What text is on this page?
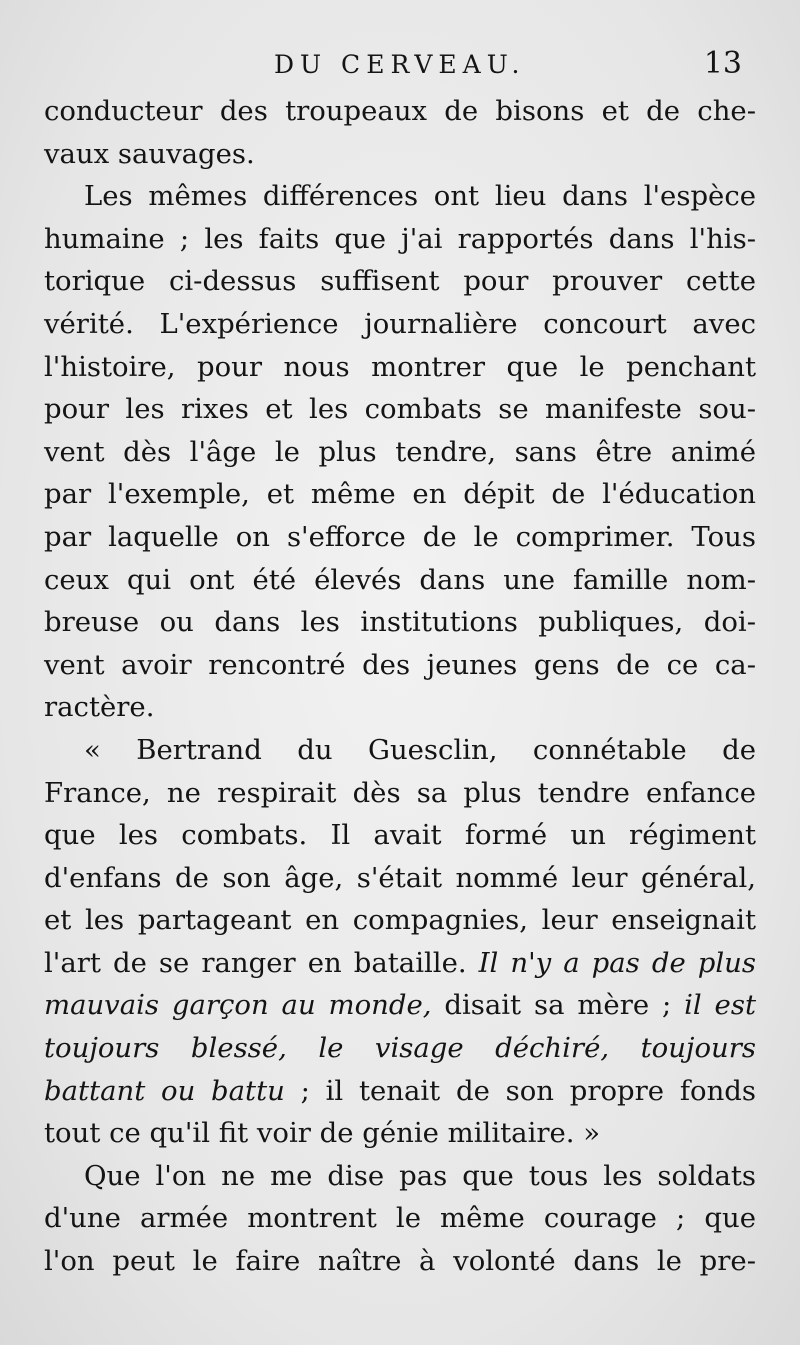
DU CERVEAU.	13
conducteur des troupeaux de bisons et de che-
vaux sauvages.
Les mêmes différences ont lieu dans l'espèce
humaine ; les faits que j'ai rapportés dans l'his-
torique ci-dessus suffisent pour prouver cette
vérité. L'expérience journalière concourt avec
l'histoire, pour nous montrer que le penchant
pour les rixes et les combats se manifeste sou-
vent dès l'âge le plus tendre, sans être animé
par l'exemple, et même en dépit de l'éducation
par laquelle on s'efforce de le comprimer. Tous
ceux qui ont été élevés dans une famille nom-
breuse ou dans les institutions publiques, doi-
vent avoir rencontré des jeunes gens de ce ca-
ractère.
« Bertrand du Guesclin, connétable de
France, ne respirait dès sa plus tendre enfance
que les combats. Il avait formé un régiment
d'enfans de son âge, s'était nommé leur général,
et les partageant en compagnies, leur enseignait
l'art de se ranger en bataille. Il n'y a pas de plus
mauvais garçon au monde, disait sa mère ; il est
toujours blessé, le visage déchiré, toujours
battant ou battu ; il tenait de son propre fonds
tout ce qu'il fit voir de génie militaire. »
Que l'on ne me dise pas que tous les soldats
d'une armée montrent le même courage ; que
l'on peut le faire naître à volonté dans le pre-
